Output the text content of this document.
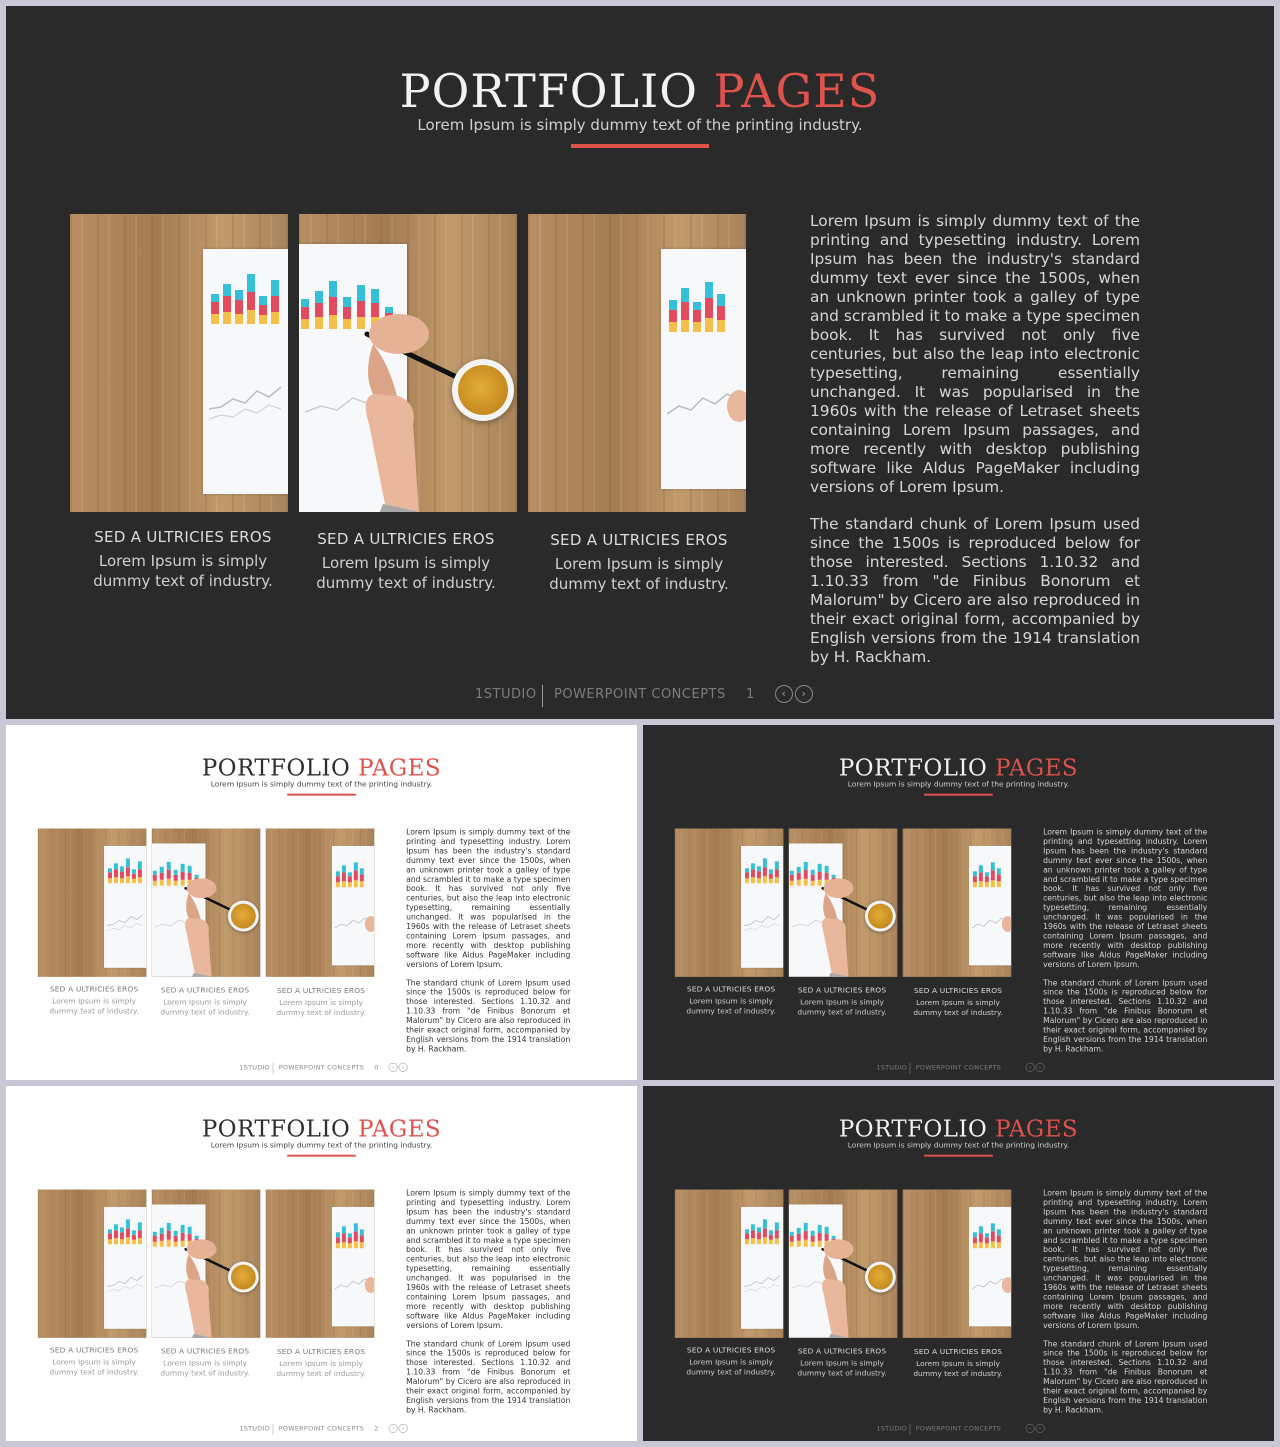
PORTFOLIO PAGES
Lorem Ipsum is simply dummy text of the printing industry.
SED A ULTRICIES EROS
Lorem Ipsum is simply dummy text of industry.
SED A ULTRICIES EROS
Lorem Ipsum is simply dummy text of industry.
SED A ULTRICIES EROS
Lorem Ipsum is simply dummy text of industry.

Lorem Ipsum is simply dummy text of the printing and typesetting industry. Lorem Ipsum has been the industry's standard dummy text ever since the 1500s, when an unknown printer took a galley of type and scrambled it to make a type specimen book. It has survived not only five centuries, but also the leap into electronic typesetting, remaining essentially unchanged. It was popularised in the 1960s with the release of Letraset sheets containing Lorem Ipsum passages, and more recently with desktop publishing software like Aldus PageMaker including versions of Lorem Ipsum.

The standard chunk of Lorem Ipsum used since the 1500s is reproduced below for those interested. Sections 1.10.32 and 1.10.33 from "de Finibus Bonorum et Malorum" by Cicero are also reproduced in their exact original form, accompanied by English versions from the 1914 translation by H. Rackham.

1STUDIO POWERPOINT CONCEPTS 1	‹	›
PORTFOLIO PAGES
Lorem Ipsum is simply dummy text of the printing industry.
SED A ULTRICIES EROS
Lorem Ipsum is simply dummy text of industry.
SED A ULTRICIES EROS
Lorem Ipsum is simply dummy text of industry.
SED A ULTRICIES EROS
Lorem Ipsum is simply dummy text of industry.

Lorem Ipsum is simply dummy text of the printing and typesetting industry. Lorem Ipsum has been the industry's standard dummy text ever since the 1500s, when an unknown printer took a galley of type and scrambled it to make a type specimen book. It has survived not only five centuries, but also the leap into electronic typesetting, remaining essentially unchanged. It was popularised in the 1960s with the release of Letraset sheets containing Lorem Ipsum passages, and more recently with desktop publishing software like Aldus PageMaker including versions of Lorem Ipsum.

The standard chunk of Lorem Ipsum used since the 1500s is reproduced below for those interested. Sections 1.10.32 and 1.10.33 from "de Finibus Bonorum et Malorum" by Cicero are also reproduced in their exact original form, accompanied by English versions from the 1914 translation by H. Rackham.

1STUDIO POWERPOINT CONCEPTS 0 ‹ ›
PORTFOLIO PAGES
Lorem Ipsum is simply dummy text of the printing industry.
SED A ULTRICIES EROS
Lorem Ipsum is simply dummy text of industry.
SED A ULTRICIES EROS
Lorem Ipsum is simply dummy text of industry.
SED A ULTRICIES EROS
Lorem Ipsum is simply dummy text of industry.

Lorem Ipsum is simply dummy text of the printing and typesetting industry. Lorem Ipsum has been the industry's standard dummy text ever since the 1500s, when an unknown printer took a galley of type and scrambled it to make a type specimen book. It has survived not only five centuries, but also the leap into electronic typesetting, remaining essentially unchanged. It was popularised in the 1960s with the release of Letraset sheets containing Lorem Ipsum passages, and more recently with desktop publishing software like Aldus PageMaker including versions of Lorem Ipsum.

The standard chunk of Lorem Ipsum used since the 1500s is reproduced below for those interested. Sections 1.10.32 and 1.10.33 from "de Finibus Bonorum et Malorum" by Cicero are also reproduced in their exact original form, accompanied by English versions from the 1914 translation by H. Rackham.

1STUDIO POWERPOINT CONCEPTS	‹ ›
PORTFOLIO PAGES
Lorem Ipsum is simply dummy text of the printing industry.
SED A ULTRICIES EROS
Lorem Ipsum is simply dummy text of industry.
SED A ULTRICIES EROS
Lorem Ipsum is simply dummy text of industry.
SED A ULTRICIES EROS
Lorem Ipsum is simply dummy text of industry.

Lorem Ipsum is simply dummy text of the printing and typesetting industry. Lorem Ipsum has been the industry's standard dummy text ever since the 1500s, when an unknown printer took a galley of type and scrambled it to make a type specimen book. It has survived not only five centuries, but also the leap into electronic typesetting, remaining essentially unchanged. It was popularised in the 1960s with the release of Letraset sheets containing Lorem Ipsum passages, and more recently with desktop publishing software like Aldus PageMaker including versions of Lorem Ipsum.

The standard chunk of Lorem Ipsum used since the 1500s is reproduced below for those interested. Sections 1.10.32 and 1.10.33 from "de Finibus Bonorum et Malorum" by Cicero are also reproduced in their exact original form, accompanied by English versions from the 1914 translation by H. Rackham.

1STUDIO POWERPOINT CONCEPTS 2 ‹ ›
PORTFOLIO PAGES
Lorem Ipsum is simply dummy text of the printing industry.
SED A ULTRICIES EROS
Lorem Ipsum is simply dummy text of industry.
SED A ULTRICIES EROS
Lorem Ipsum is simply dummy text of industry.
SED A ULTRICIES EROS
Lorem Ipsum is simply dummy text of industry.

Lorem Ipsum is simply dummy text of the printing and typesetting industry. Lorem Ipsum has been the industry's standard dummy text ever since the 1500s, when an unknown printer took a galley of type and scrambled it to make a type specimen book. It has survived not only five centuries, but also the leap into electronic typesetting, remaining essentially unchanged. It was popularised in the 1960s with the release of Letraset sheets containing Lorem Ipsum passages, and more recently with desktop publishing software like Aldus PageMaker including versions of Lorem Ipsum.

The standard chunk of Lorem Ipsum used since the 1500s is reproduced below for those interested. Sections 1.10.32 and 1.10.33 from "de Finibus Bonorum et Malorum" by Cicero are also reproduced in their exact original form, accompanied by English versions from the 1914 translation by H. Rackham.

1STUDIO POWERPOINT CONCEPTS	‹ ›
